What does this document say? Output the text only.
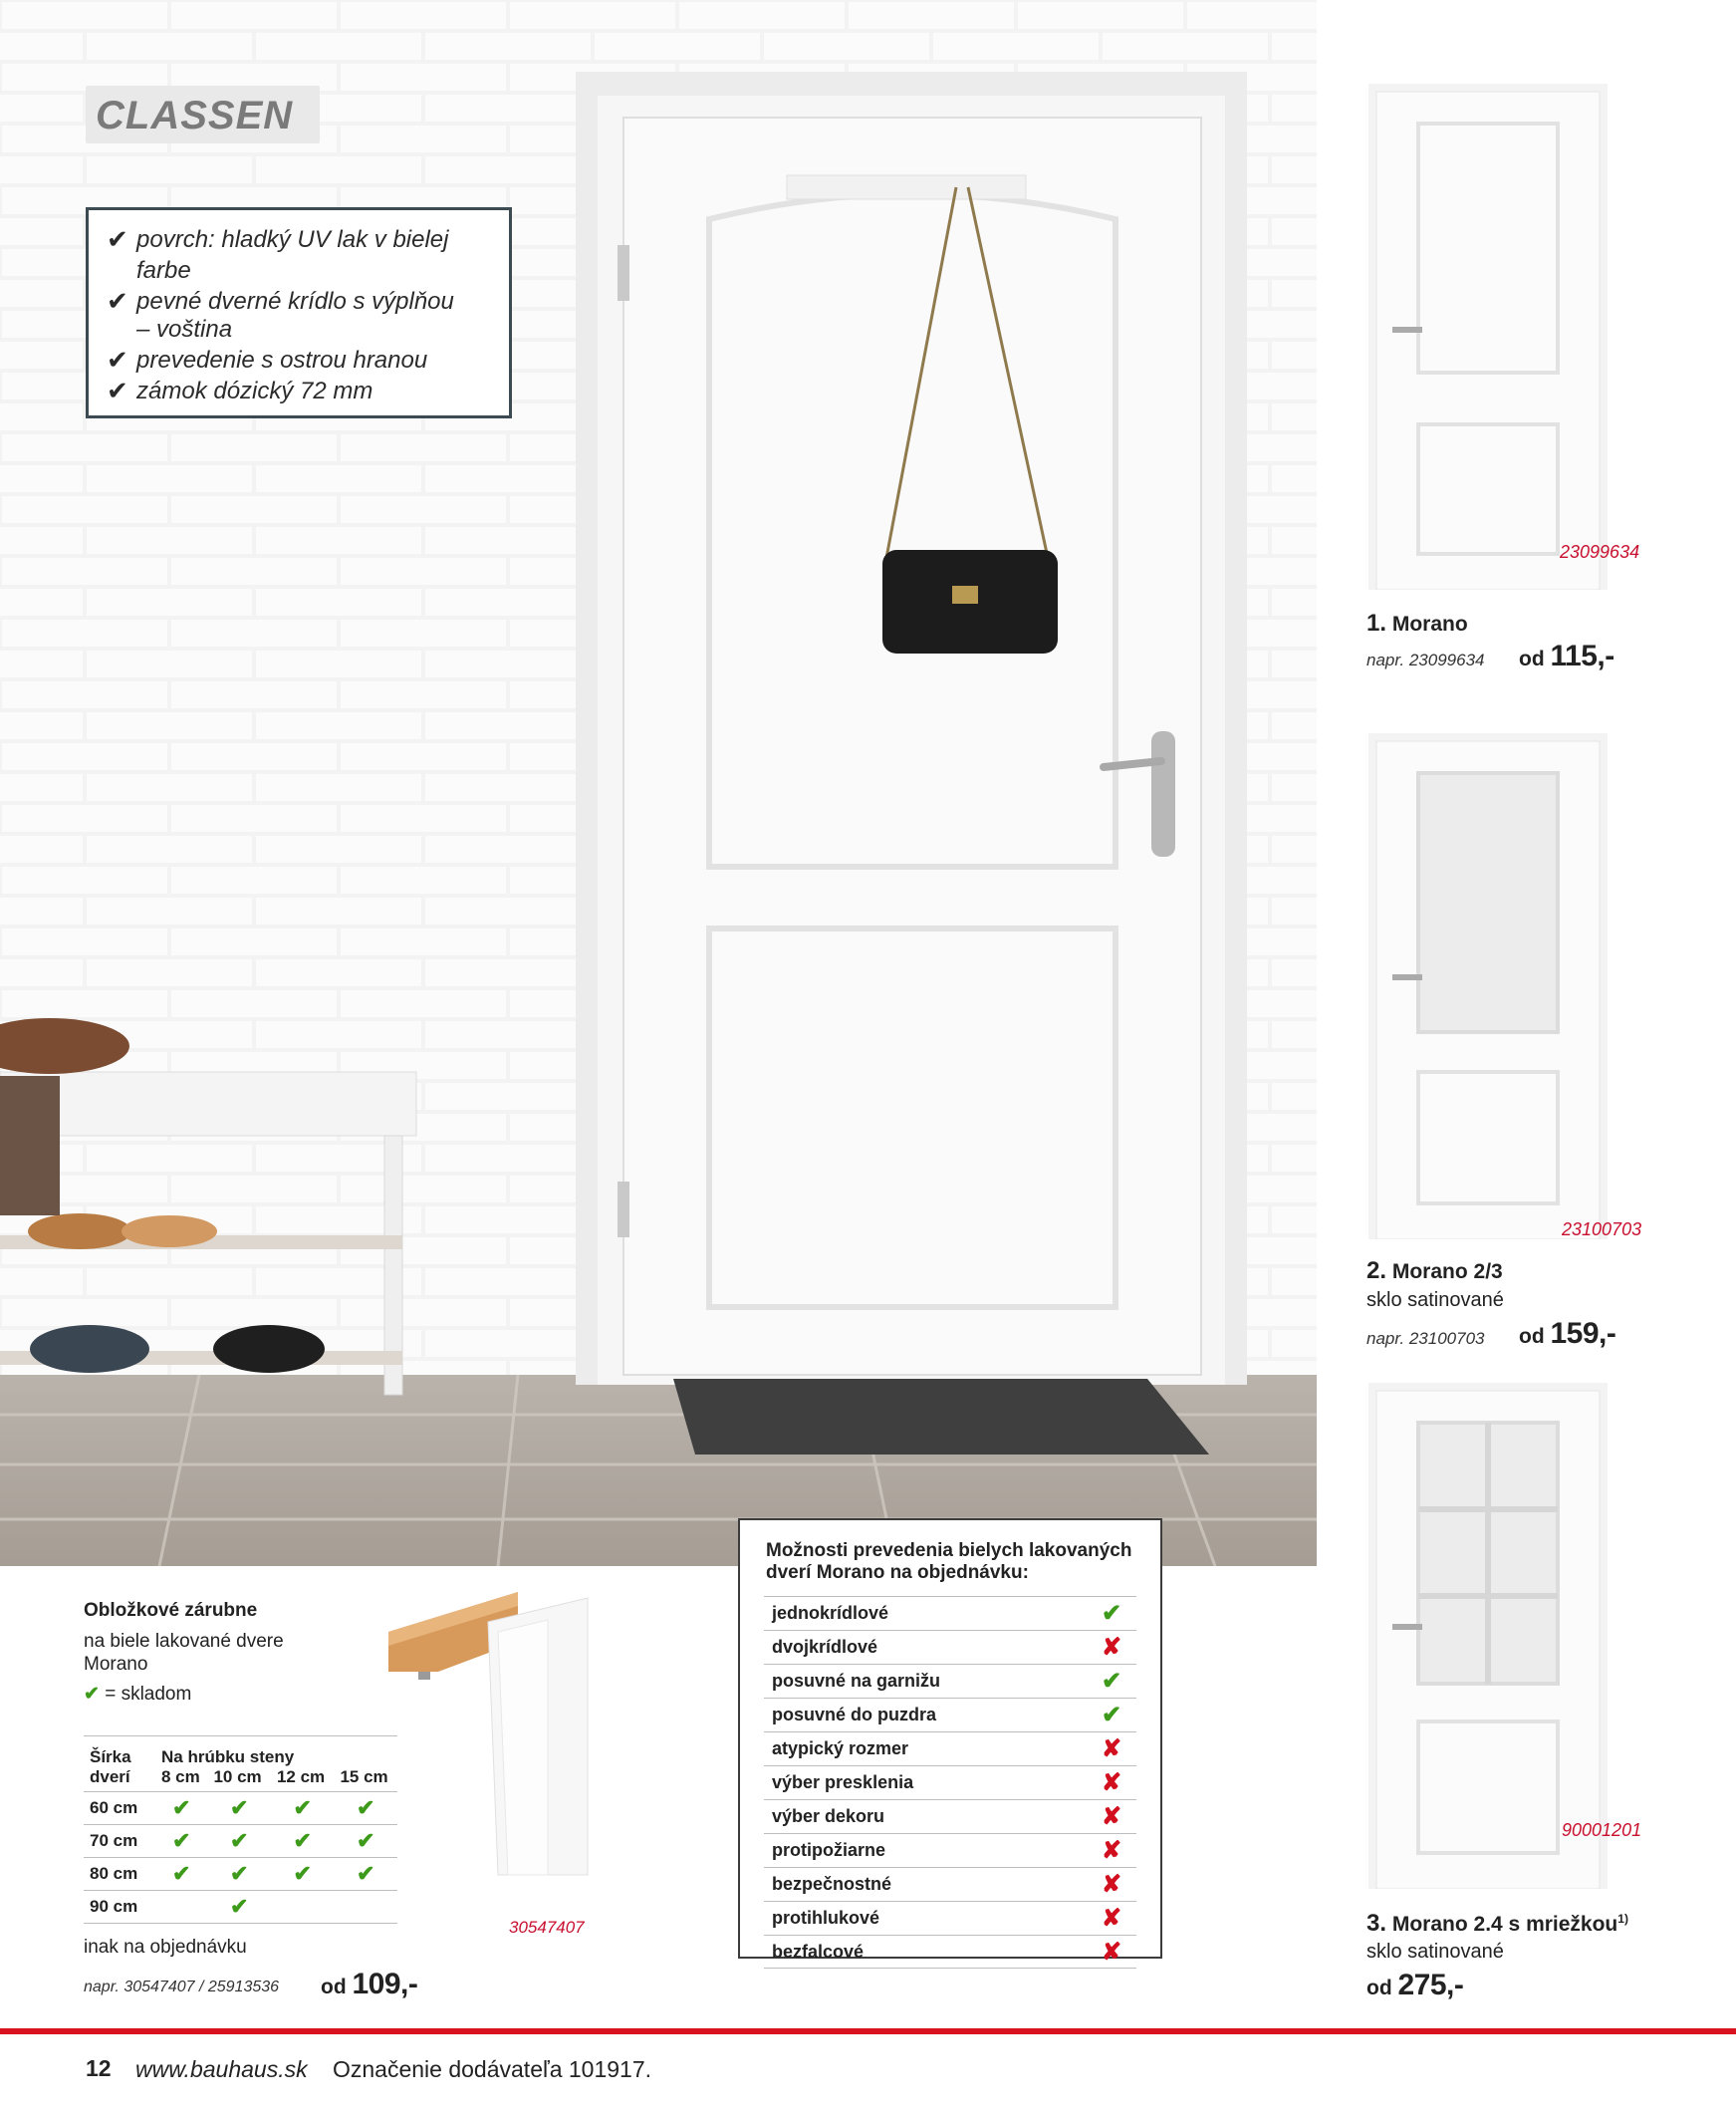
CLASSEN
✔ povrch: hladký UV lak v bielej farbe
✔ pevné dverné krídlo s výplňou
– voština
✔ prevedenie s ostrou hranou
✔ zámok dózický 72 mm
23099634
1. Morano
napr. 23099634 od 115,-
23100703
2. Morano 2/3
sklo satinované
napr. 23100703 od 159,-
90001201
3. Morano 2.4 s mriežkou$^{1)}$
sklo satinované
od 275,-
Obložkové zárubne
na biele lakované dvere
Morano
✔ = skladom
Šírka
dverí	Na hrúbku steny			
	8 cm	10 cm	12 cm	15 cm
60 cm	✔	✔	✔	✔
70 cm	✔	✔	✔	✔
80 cm	✔	✔	✔	✔
90 cm		✔		
inak na objednávku
napr. 30547407 / 25913536 od 109,-
30547407
Možnosti prevedenia bielych lakovaných
dverí Morano na objednávku:
jednokrídlové	✔
dvojkrídlové	✘
posuvné na garnižu	✔
posuvné do puzdra	✔
atypický rozmer	✘
výber presklenia	✘
výber dekoru	✘
protipožiarne	✘
bezpečnostné	✘
protihlukové	✘
bezfalcové	✘
12 www.bauhaus.sk Označenie dodávateľa 101917.
